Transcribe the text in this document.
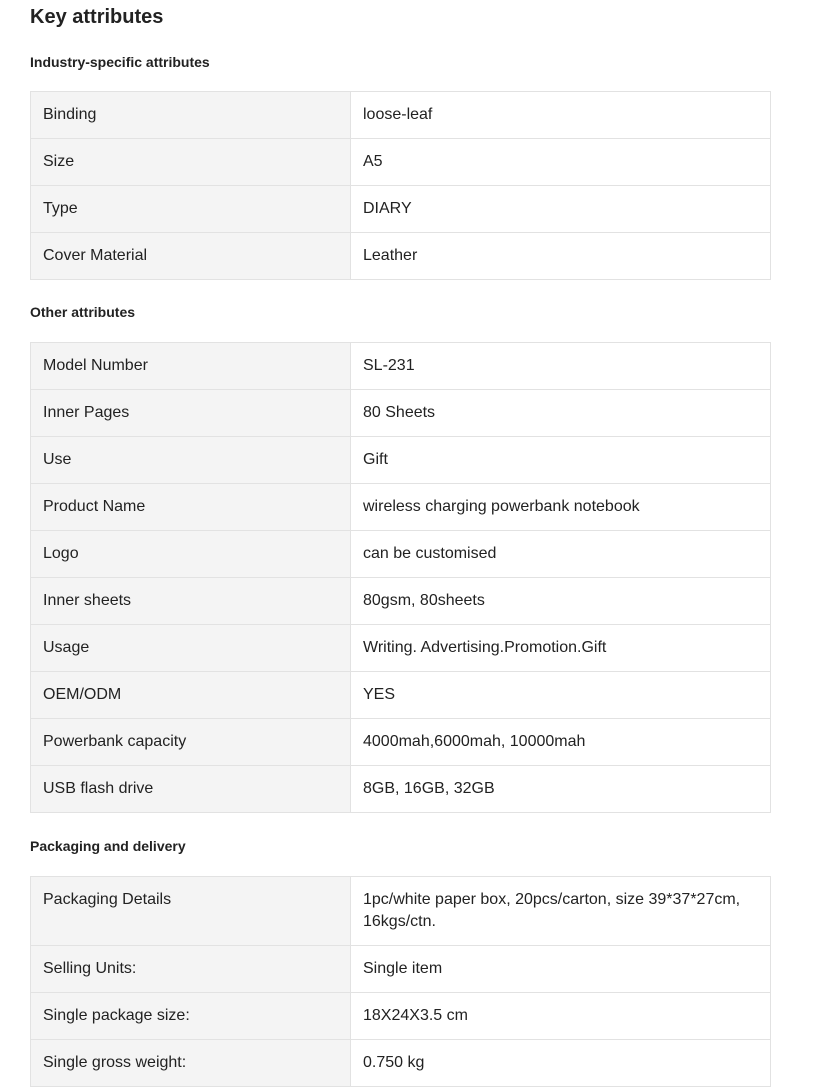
Key attributes
Industry-specific attributes
Binding	loose-leaf
Size	A5
Type	DIARY
Cover Material	Leather
Other attributes
Model Number	SL-231
Inner Pages	80 Sheets
Use	Gift
Product Name	wireless charging powerbank notebook
Logo	can be customised
Inner sheets	80gsm, 80sheets
Usage	Writing. Advertising.Promotion.Gift
OEM/ODM	YES
Powerbank capacity	4000mah,6000mah, 10000mah
USB flash drive	8GB, 16GB, 32GB
Packaging and delivery
Packaging Details	1pc/white paper box, 20pcs/carton, size 39*37*27cm, 16kgs/ctn.
Selling Units:	Single item
Single package size:	18X24X3.5 cm
Single gross weight:	0.750 kg
